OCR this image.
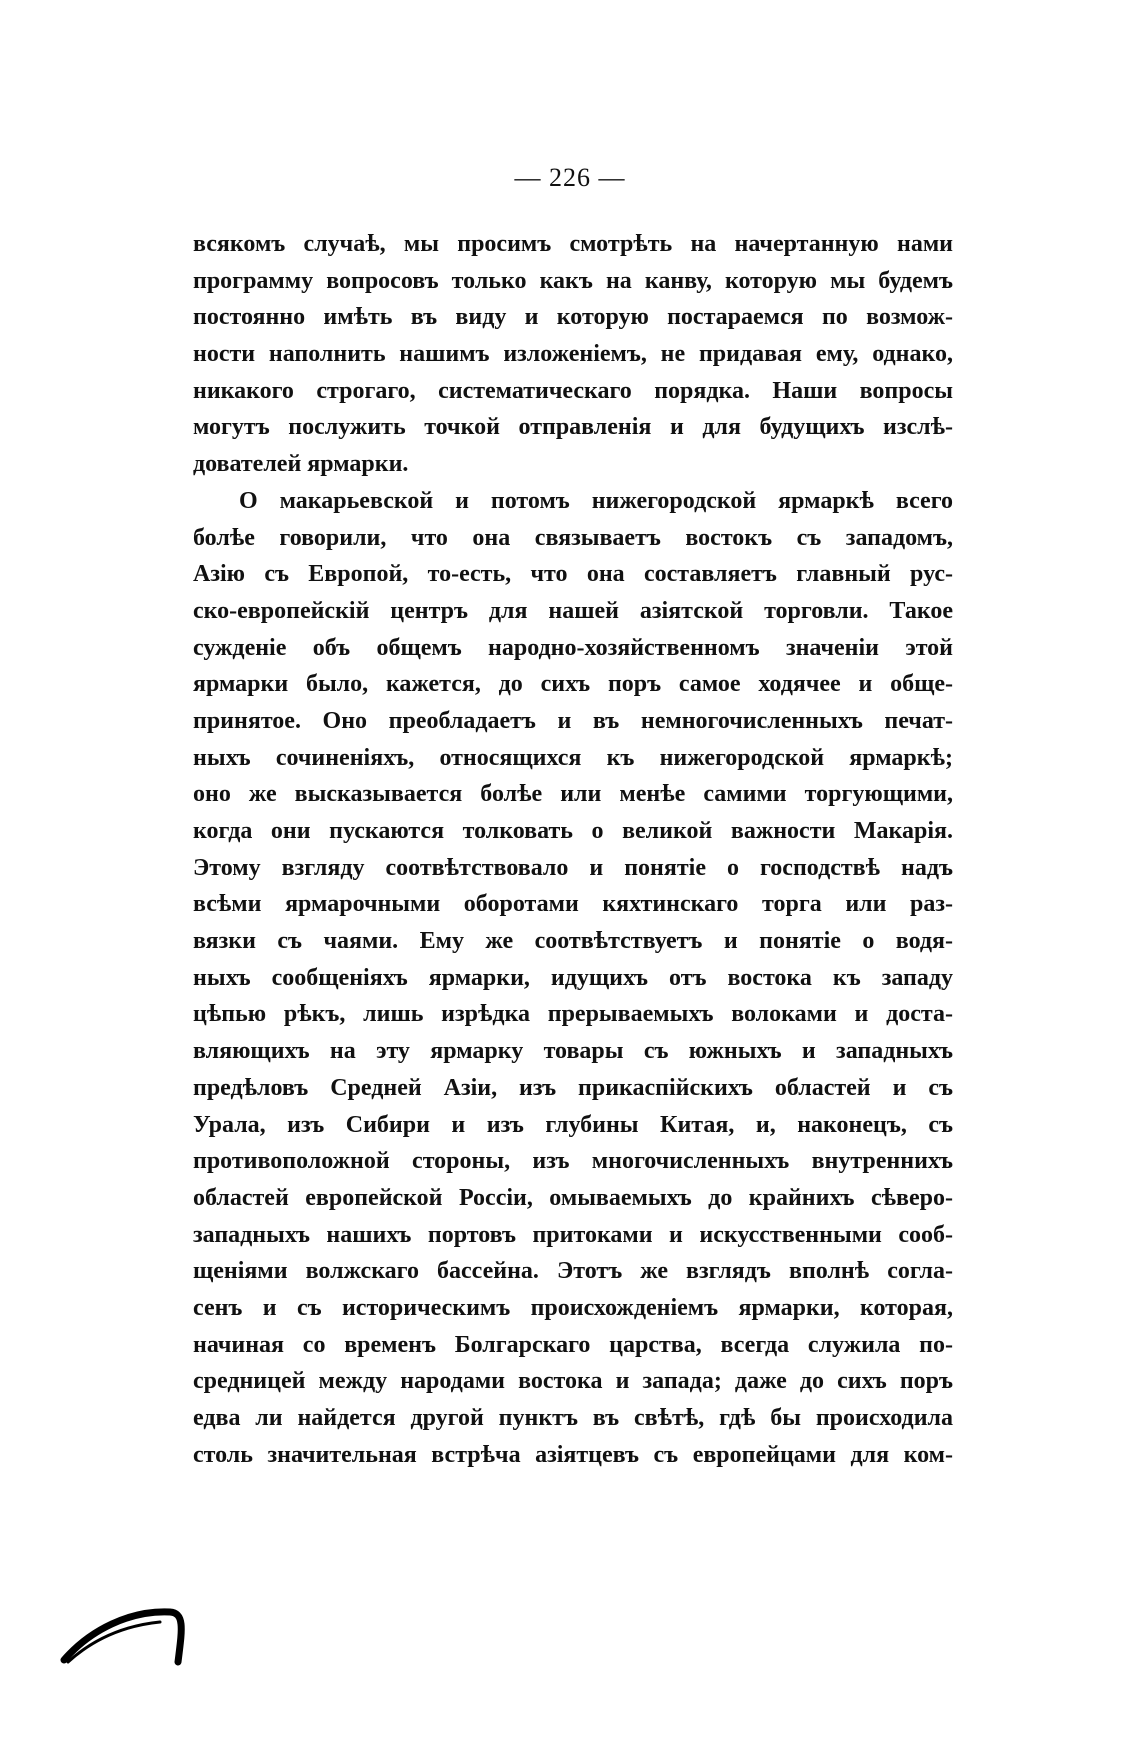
— 226 —
всякомъ случаѣ, мы просимъ смотрѣть на начертанную нами
программу вопросовъ только какъ на канву, которую мы будемъ
постоянно имѣть въ виду и которую постараемся по возмож-
ности наполнить нашимъ изложеніемъ, не придавая ему, однако,
никакого строгаго, систематическаго порядка. Наши вопросы
могутъ послужить точкой отправленія и для будущихъ изслѣ-
дователей ярмарки.
О макарьевской и потомъ нижегородской ярмаркѣ всего
болѣе говорили, что она связываетъ востокъ съ западомъ,
Азію съ Европой, то-есть, что она составляетъ главный рус-
ско-европейскій центръ для нашей азіятской торговли. Такое
сужденіе объ общемъ народно-хозяйственномъ значеніи этой
ярмарки было, кажется, до сихъ поръ самое ходячее и обще-
принятое. Оно преобладаетъ и въ немногочисленныхъ печат-
ныхъ сочиненіяхъ, относящихся къ нижегородской ярмаркѣ;
оно же высказывается болѣе или менѣе самими торгующими,
когда они пускаются толковать о великой важности Макарія.
Этому взгляду соотвѣтствовало и понятіе о господствѣ надъ
всѣми ярмарочными оборотами кяхтинскаго торга или раз-
вязки съ чаями. Ему же соотвѣтствуетъ и понятіе о водя-
ныхъ сообщеніяхъ ярмарки, идущихъ отъ востока къ западу
цѣпью рѣкъ, лишь изрѣдка прерываемыхъ волоками и доста-
вляющихъ на эту ярмарку товары съ южныхъ и западныхъ
предѣловъ Средней Азіи, изъ прикаспійскихъ областей и съ
Урала, изъ Сибири и изъ глубины Китая, и, наконецъ, съ
противоположной стороны, изъ многочисленныхъ внутреннихъ
областей европейской Россіи, омываемыхъ до крайнихъ сѣверо-
западныхъ нашихъ портовъ притоками и искусственными сооб-
щеніями волжскаго бассейна. Этотъ же взглядъ вполнѣ согла-
сенъ и съ историческимъ происхожденіемъ ярмарки, которая,
начиная со временъ Болгарскаго царства, всегда служила по-
средницей между народами востока и запада; даже до сихъ поръ
едва ли найдется другой пунктъ въ свѣтѣ, гдѣ бы происходила
столь значительная встрѣча азіятцевъ съ европейцами для ком-
